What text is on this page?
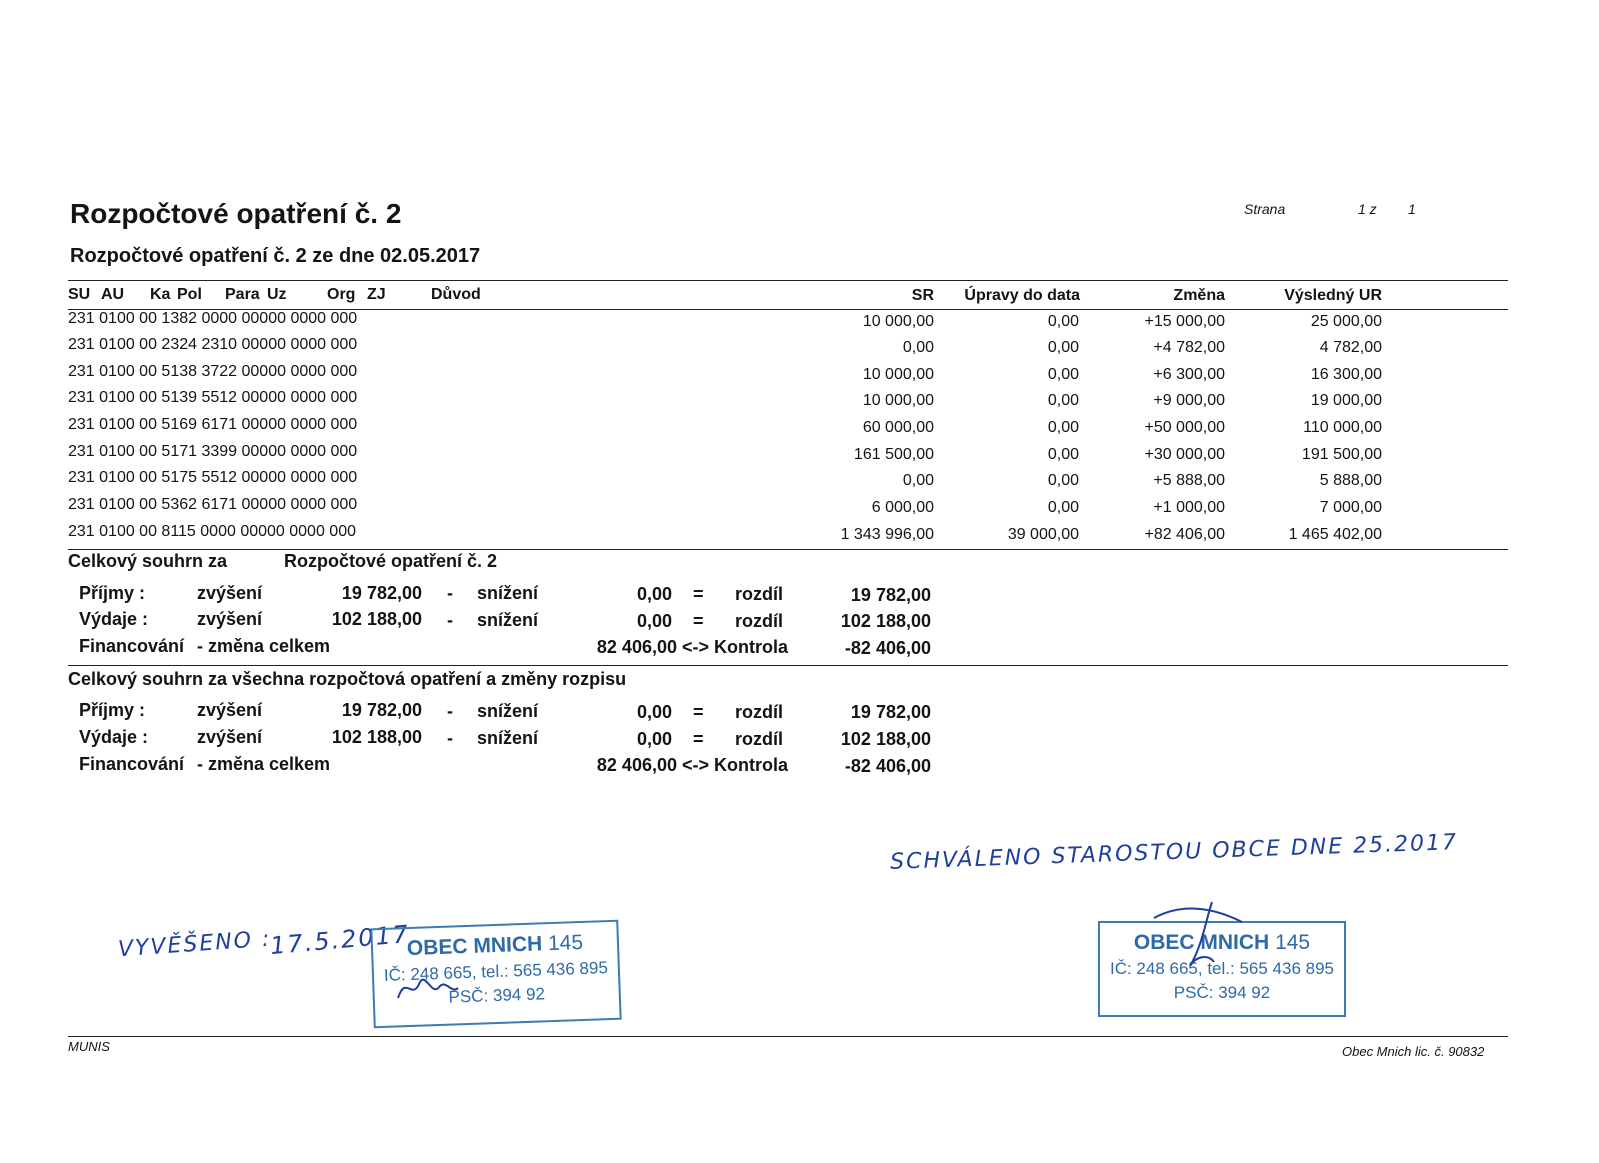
Rozpočtové opatření č. 2
Rozpočtové opatření č. 2 ze dne 02.05.2017
Strana	1 z 1
SU AU Ka Pol Para Uz	Org ZJ	Důvod	SR	Úpravy do data	Změna	Výsledný UR
231 0100 00 1382 0000 00000 0000 000	10 000,00	0,00	+15 000,00	25 000,00
231 0100 00 2324 2310 00000 0000 000	0,00	0,00	+4 782,00	4 782,00
231 0100 00 5138 3722 00000 0000 000	10 000,00	0,00	+6 300,00	16 300,00
231 0100 00 5139 5512 00000 0000 000	10 000,00	0,00	+9 000,00	19 000,00
231 0100 00 5169 6171 00000 0000 000	60 000,00	0,00	+50 000,00	110 000,00
231 0100 00 5171 3399 00000 0000 000	161 500,00	0,00	+30 000,00	191 500,00
231 0100 00 5175 5512 00000 0000 000	0,00	0,00	+5 888,00	5 888,00
231 0100 00 5362 6171 00000 0000 000	6 000,00	0,00	+1 000,00	7 000,00
231 0100 00 8115 0000 00000 0000 000	1 343 996,00	39 000,00	+82 406,00	1 465 402,00
Celkový souhrn za	Rozpočtové opatření č. 2
Příjmy :	zvýšení	19 782,00 - snížení	0,00 = rozdíl	19 782,00
Výdaje :	zvýšení	102 188,00 - snížení	0,00 = rozdíl	102 188,00
Financování - změna celkem	82 406,00 <-> Kontrola	-82 406,00
Celkový souhrn za všechna rozpočtová opatření a změny rozpisu
Příjmy :	zvýšení	19 782,00 - snížení	0,00 = rozdíl	19 782,00
Výdaje :	zvýšení	102 188,00 - snížení	0,00 = rozdíl	102 188,00
Financování - změna celkem	82 406,00 <-> Kontrola	-82 406,00
SCHVÁLENO STAROSTOU OBCE DNE 25.2017
VYVĚŠENO :
17.5.2017
OBEC MNICH 145
IČ: 248 665, tel.: 565 436 895
PSČ: 394 92
OBEC MNICH 145
IČ: 248 665, tel.: 565 436 895
PSČ: 394 92
MUNIS	Obec Mnich lic. č. 90832
